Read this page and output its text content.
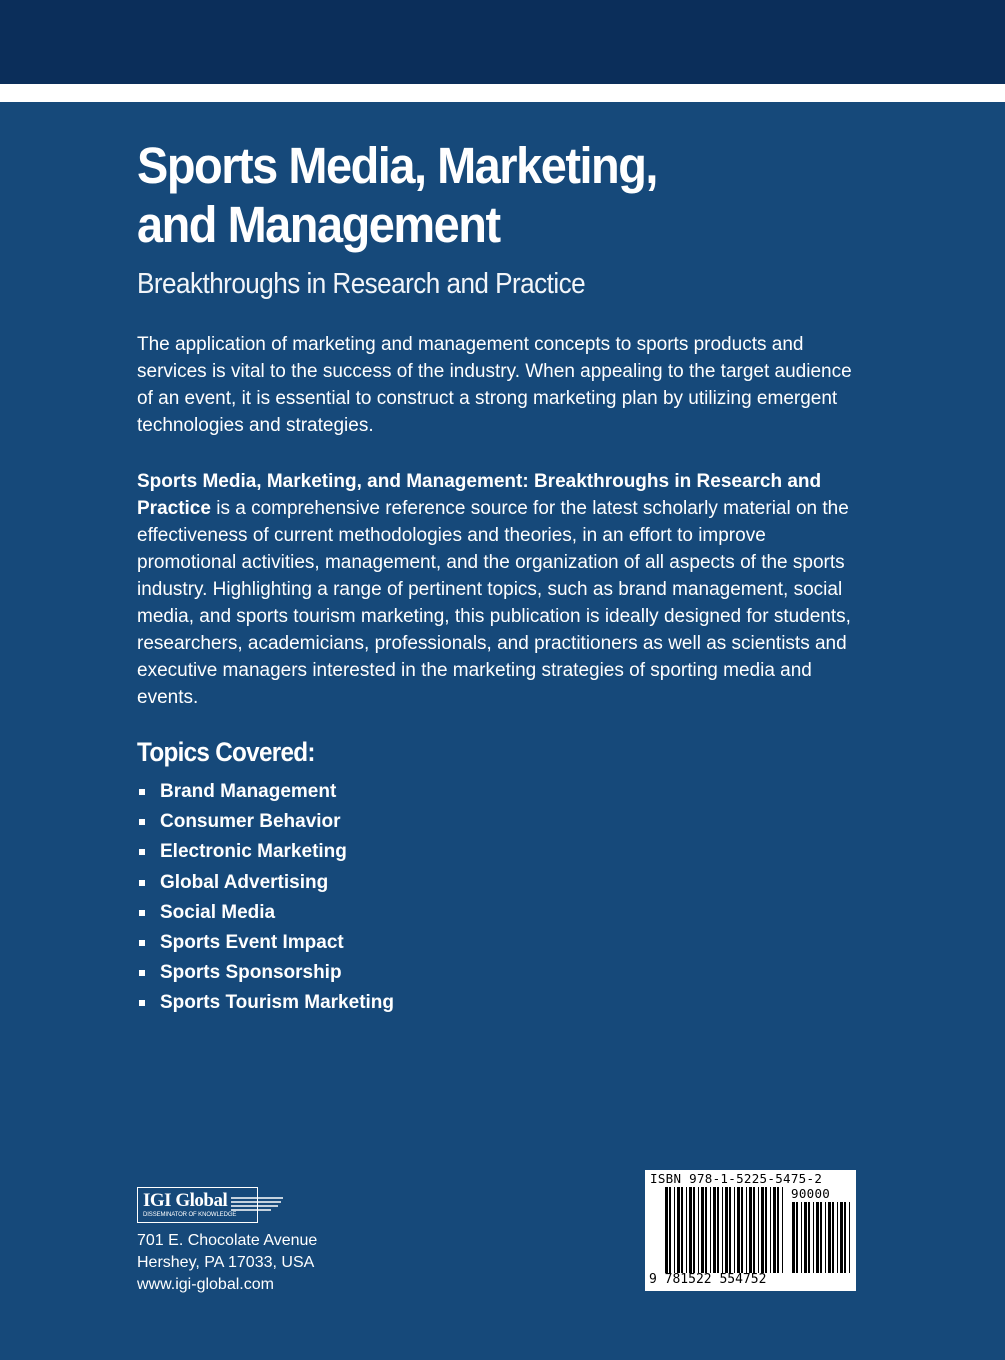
Sports Media, Marketing,
and Management
Breakthroughs in Research and Practice

The application of marketing and management concepts to sports products and services is vital to the success of the industry. When appealing to the target audience of an event, it is essential to construct a strong marketing plan by utilizing emergent technologies and strategies.

Sports Media, Marketing, and Management: Breakthroughs in Research and Practice is a comprehensive reference source for the latest scholarly material on the effectiveness of current methodologies and theories, in an effort to improve promotional activities, management, and the organization of all aspects of the sports industry. Highlighting a range of pertinent topics, such as brand management, social media, and sports tourism marketing, this publication is ideally designed for students, researchers, academicians, professionals, and practitioners as well as scientists and executive managers interested in the marketing strategies of sporting media and events.

Topics Covered:
Brand Management
Consumer Behavior
Electronic Marketing
Global Advertising
Social Media
Sports Event Impact
Sports Sponsorship
Sports Tourism Marketing
IGI Global
DISSEMINATOR OF KNOWLEDGE

701 E. Chocolate Avenue
Hershey, PA 17033, USA
www.igi-global.com

ISBN 978-1-5225-5475-2
90000
9 781522 554752
